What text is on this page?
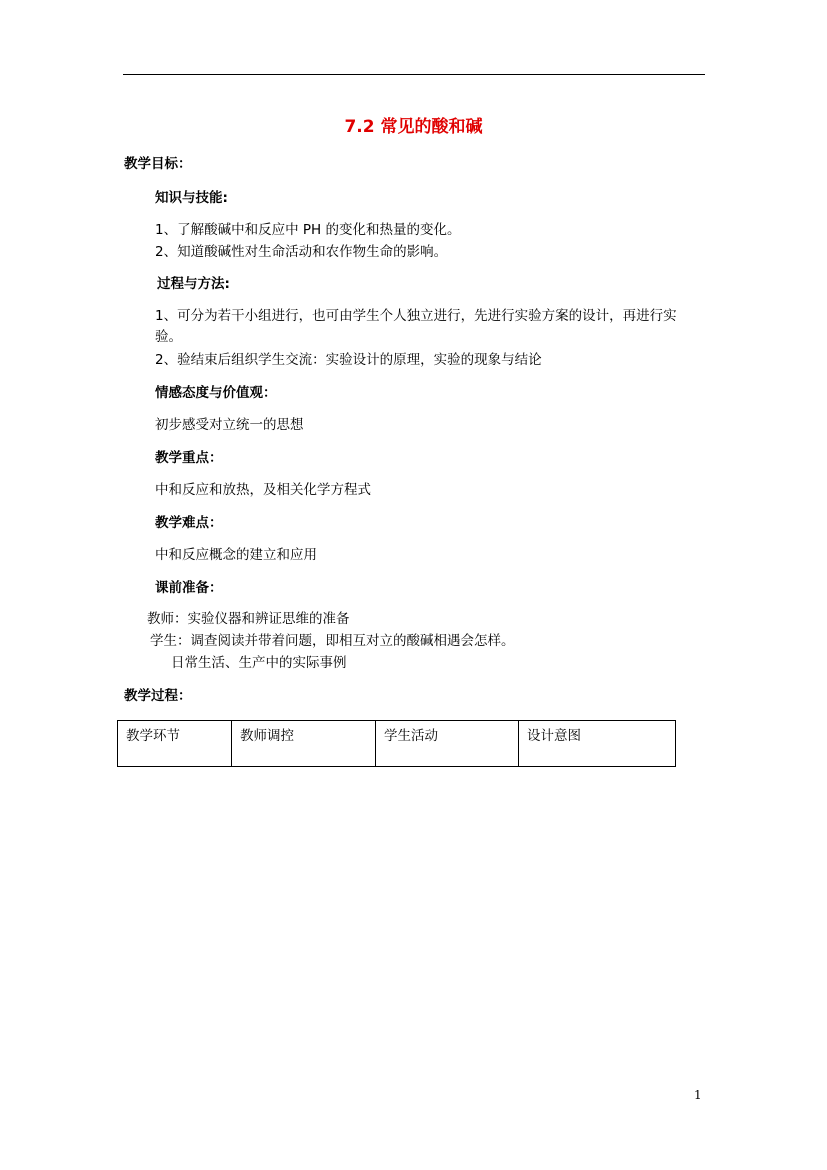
7.2 常见的酸和碱
教学目标：
知识与技能:
1、了解酸碱中和反应中 PH 的变化和热量的变化。
2、知道酸碱性对生命活动和农作物生命的影响。
过程与方法:
1、可分为若干小组进行，也可由学生个人独立进行，先进行实验方案的设计，再进行实验。
2、验结束后组织学生交流：实验设计的原理，实验的现象与结论
情感态度与价值观：
初步感受对立统一的思想
教学重点：
中和反应和放热，及相关化学方程式
教学难点：
中和反应概念的建立和应用
课前准备：
教师：实验仪器和辨证思维的准备
学生：调查阅读并带着问题，即相互对立的酸碱相遇会怎样。
日常生活、生产中的实际事例
教学过程：
教学环节	教师调控	学生活动	设计意图
1
